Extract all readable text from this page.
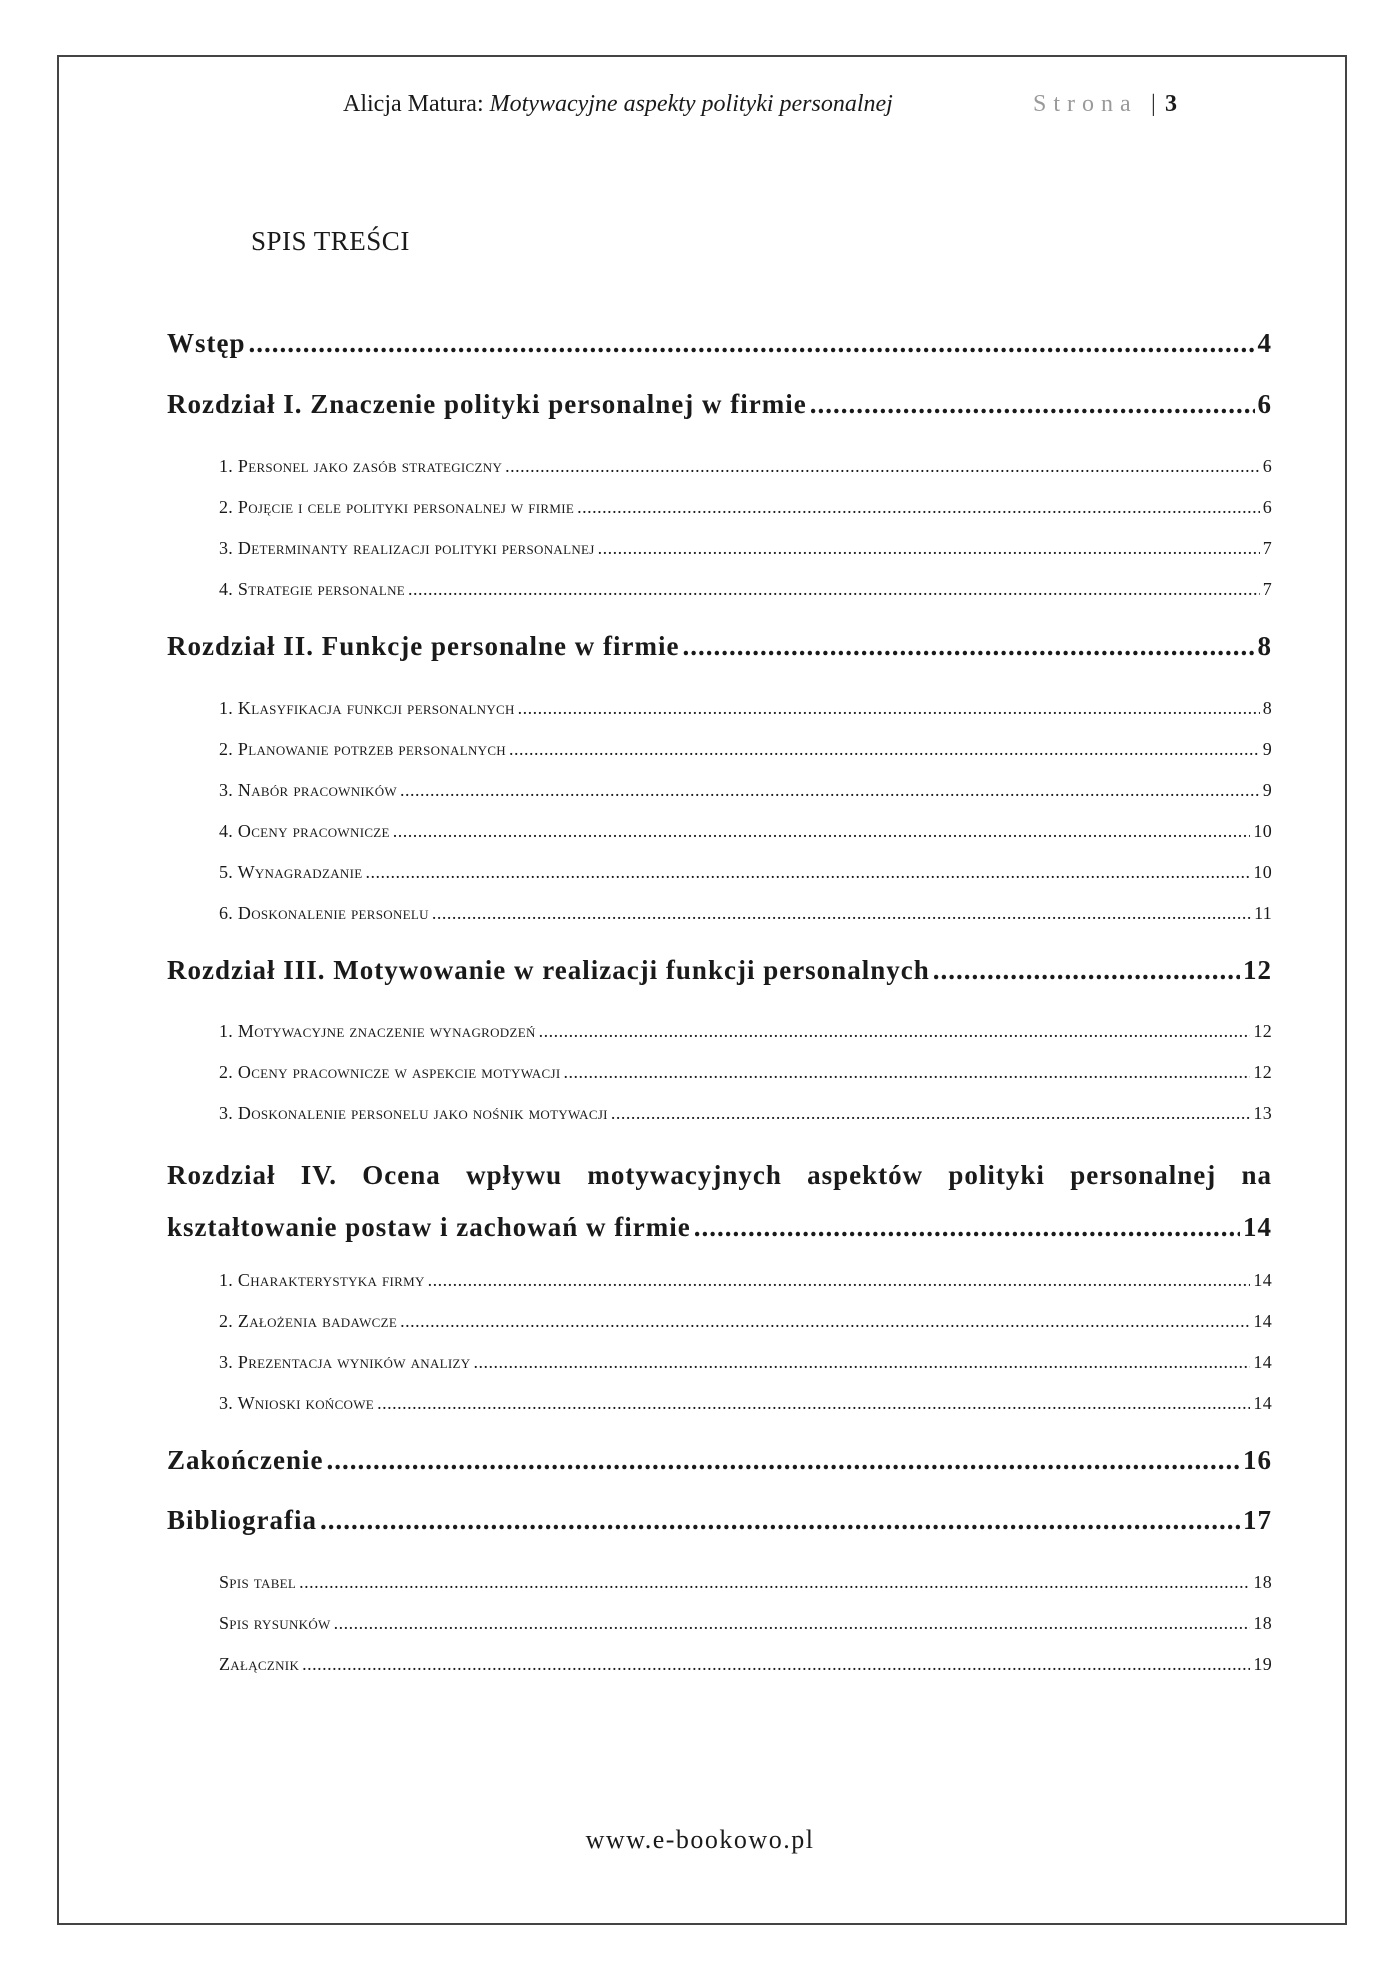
Alicja Matura: Motywacyjne aspekty polityki personalnej	Strona | 3
SPIS TREŚCI
Wstęp .....	4
Rozdział I. Znaczenie polityki personalnej w firmie .....	6
1. Personel jako zasób strategiczny .....	6
2. Pojęcie i cele polityki personalnej w firmie .....	6
3. Determinanty realizacji polityki personalnej .....	7
4. Strategie personalne .....	7
Rozdział II. Funkcje personalne w firmie .....	8
1. Klasyfikacja funkcji personalnych .....	8
2. Planowanie potrzeb personalnych .....	9
3. Nabór pracowników .....	9
4. Oceny pracownicze .....	10
5. Wynagradzanie .....	10
6. Doskonalenie personelu .....	11
Rozdział III. Motywowanie w realizacji funkcji personalnych .....	12
1. Motywacyjne znaczenie wynagrodzeń .....	12
2. Oceny pracownicze w aspekcie motywacji .....	12
3. Doskonalenie personelu jako nośnik motywacji .....	13
Rozdział IV. Ocena wpływu motywacyjnych aspektów polityki personalnej na
kształtowanie postaw i zachowań w firmie .....	14
1. Charakterystyka firmy .....	14
2. Założenia badawcze .....	14
3. Prezentacja wyników analizy .....	14
3. Wnioski końcowe .....	14
Zakończenie .....	16
Bibliografia .....	17
Spis tabel .....	18
Spis rysunków .....	18
Załącznik .....	19
www.e-bookowo.pl
